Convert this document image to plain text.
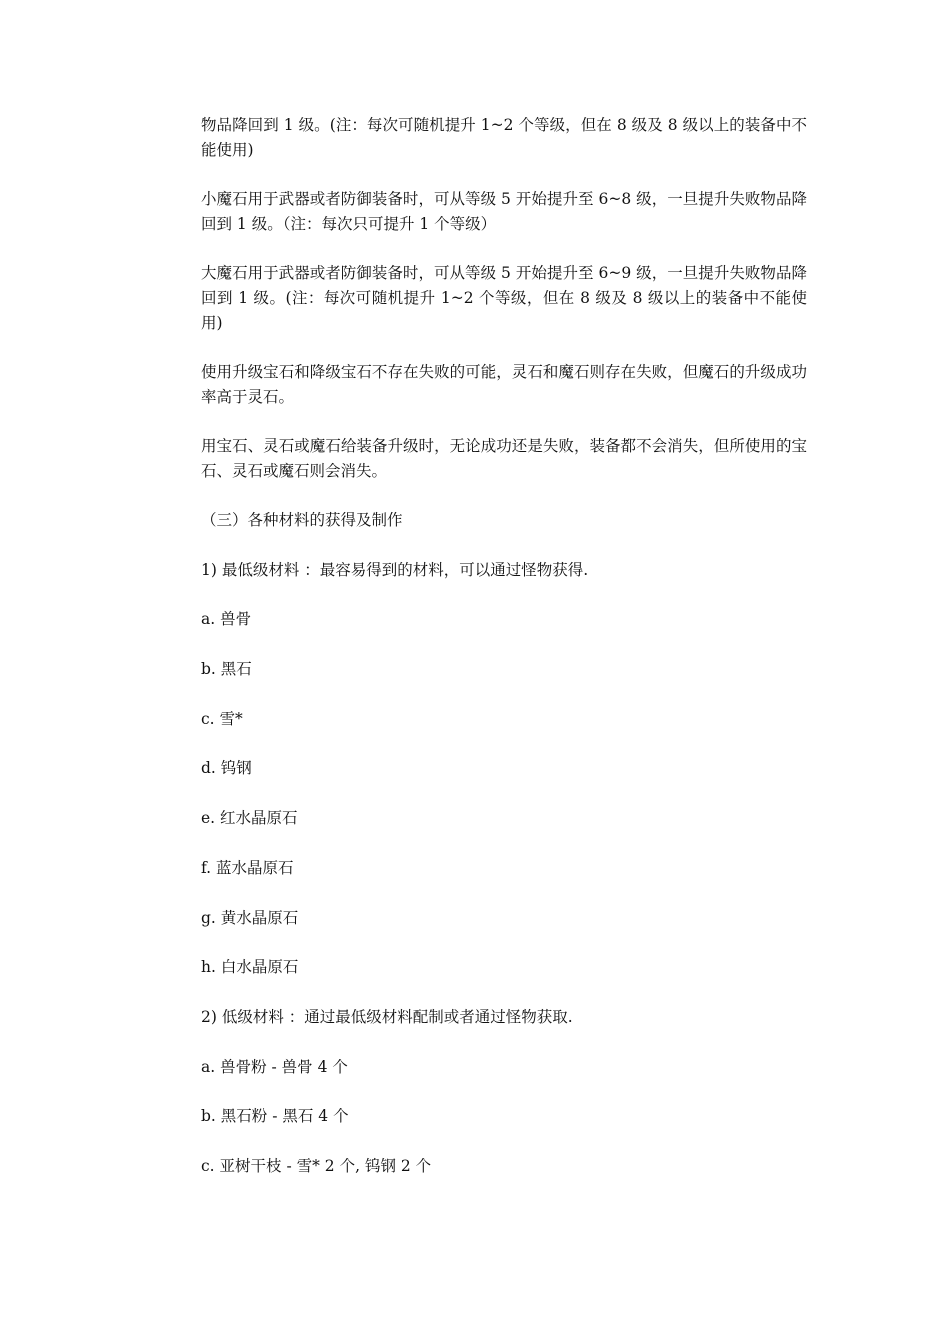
物品降回到 1 级。(注：每次可随机提升 1~2 个等级，但在 8 级及 8 级以上的装备中不能使用)

小魔石用于武器或者防御装备时，可从等级 5 开始提升至 6~8 级，一旦提升失败物品降回到 1 级。（注：每次只可提升 1 个等级）

大魔石用于武器或者防御装备时，可从等级 5 开始提升至 6~9 级，一旦提升失败物品降回到 1 级。(注：每次可随机提升 1~2 个等级，但在 8 级及 8 级以上的装备中不能使用)

使用升级宝石和降级宝石不存在失败的可能，灵石和魔石则存在失败，但魔石的升级成功率高于灵石。

用宝石、灵石或魔石给装备升级时，无论成功还是失败，装备都不会消失，但所使用的宝石、灵石或魔石则会消失。

（三）各种材料的获得及制作

1) 最低级材料 ：最容易得到的材料，可以通过怪物获得.

a. 兽骨

b. 黑石

c. 雪*

d. 钨钢

e. 红水晶原石

f. 蓝水晶原石

g. 黄水晶原石

h. 白水晶原石

2) 低级材料 ：通过最低级材料配制或者通过怪物获取.

a. 兽骨粉 - 兽骨 4 个

b. 黑石粉 - 黑石 4 个

c. 亚树干枝 - 雪* 2 个, 钨钢 2 个
